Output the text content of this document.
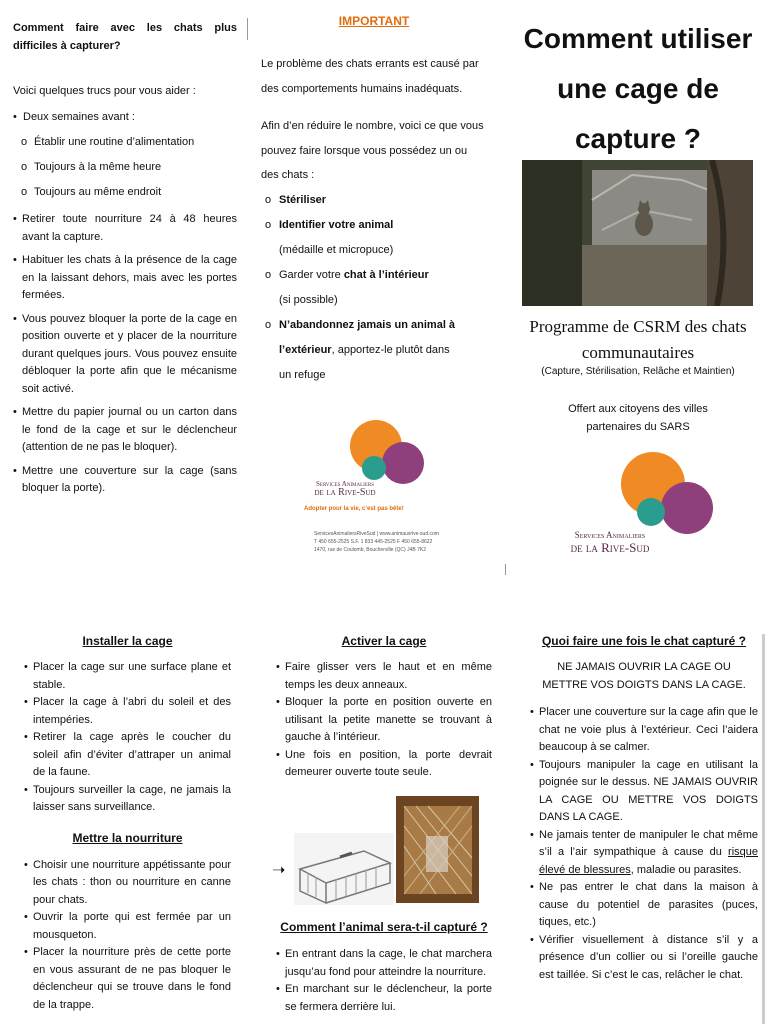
Comment faire avec les chats plus difficiles à capturer?

Voici quelques trucs pour vous aider :

• Deux semaines avant :
o Établir une routine d’alimentation
o Toujours à la même heure
o Toujours au même endroit
• Retirer toute nourriture 24 à 48 heures avant la capture.
• Habituer les chats à la présence de la cage en la laissant dehors, mais avec les portes fermées.
• Vous pouvez bloquer la porte de la cage en position ouverte et y placer de la nourriture durant quelques jours. Vous pouvez ensuite débloquer la porte afin que le mécanisme soit activé.
• Mettre du papier journal ou un carton dans le fond de la cage et sur le déclencheur (attention de ne pas le bloquer).
• Mettre une couverture sur la cage (sans bloquer la porte).
IMPORTANT

Le problème des chats errants est causé par des comportements humains inadéquats.

Afin d’en réduire le nombre, voici ce que vous pouvez faire lorsque vous possédez un ou des chats :

o Stériliser
o Identifier votre animal
(médaille et micropuce)
o Garder votre chat à l’intérieur
(si possible)
o N’abandonnez jamais un animal à
l’extérieur, apportez-le plutôt dans
un refuge
Services Animaliers
de la Rive-Sud
Adopter pour la vie, c’est pas bête!
ServicesAnimaliersRiveSud | www.animauxrive-sud.com
T 450 655-2525 S.F. 1 833 445-2525 F 450 655-8622
1470, rue de Coulomb, Boucherville (QC) J4B 7K2
Comment utiliser une cage de capture ?
Programme de CSRM des chats communautaires
(Capture, Stérilisation, Relâche et Maintien)
Offert aux citoyens des villes partenaires du SARS
Services Animaliers
de la Rive-Sud
Installer la cage
• Placer la cage sur une surface plane et stable.
• Placer la cage à l’abri du soleil et des intempéries.
• Retirer la cage après le coucher du soleil afin d’éviter d’attraper un animal de la faune.
• Toujours surveiller la cage, ne jamais la laisser sans surveillance.
Mettre la nourriture
• Choisir une nourriture appétissante pour les chats : thon ou nourriture en canne pour chats.
• Ouvrir la porte qui est fermée par un mousqueton.
• Placer la nourriture près de cette porte en vous assurant de ne pas bloquer le déclencheur qui se trouve dans le fond de la trappe.
Activer la cage
• Faire glisser vers le haut et en même temps les deux anneaux.
• Bloquer la porte en position ouverte en utilisant la petite manette se trouvant à gauche à l’intérieur.
• Une fois en position, la porte devrait demeurer ouverte toute seule.
➝
Comment l’animal sera-t-il capturé ?
• En entrant dans la cage, le chat marchera jusqu’au fond pour atteindre la nourriture.
• En marchant sur le déclencheur, la porte se fermera derrière lui.
Quoi faire une fois le chat capturé ?
NE JAMAIS OUVRIR LA CAGE OU METTRE VOS DOIGTS DANS LA CAGE.
• Placer une couverture sur la cage afin que le chat ne voie plus à l’extérieur. Ceci l’aidera beaucoup à se calmer.
• Toujours manipuler la cage en utilisant la poignée sur le dessus. NE JAMAIS OUVRIR LA CAGE OU METTRE VOS DOIGTS DANS LA CAGE.
• Ne jamais tenter de manipuler le chat même s’il a l’air sympathique à cause du risque élevé de blessures, maladie ou parasites.
• Ne pas entrer le chat dans la maison à cause du potentiel de parasites (puces, tiques, etc.)
• Vérifier visuellement à distance s’il y a présence d’un collier ou si l’oreille gauche est taillée. Si c’est le cas, relâcher le chat.
